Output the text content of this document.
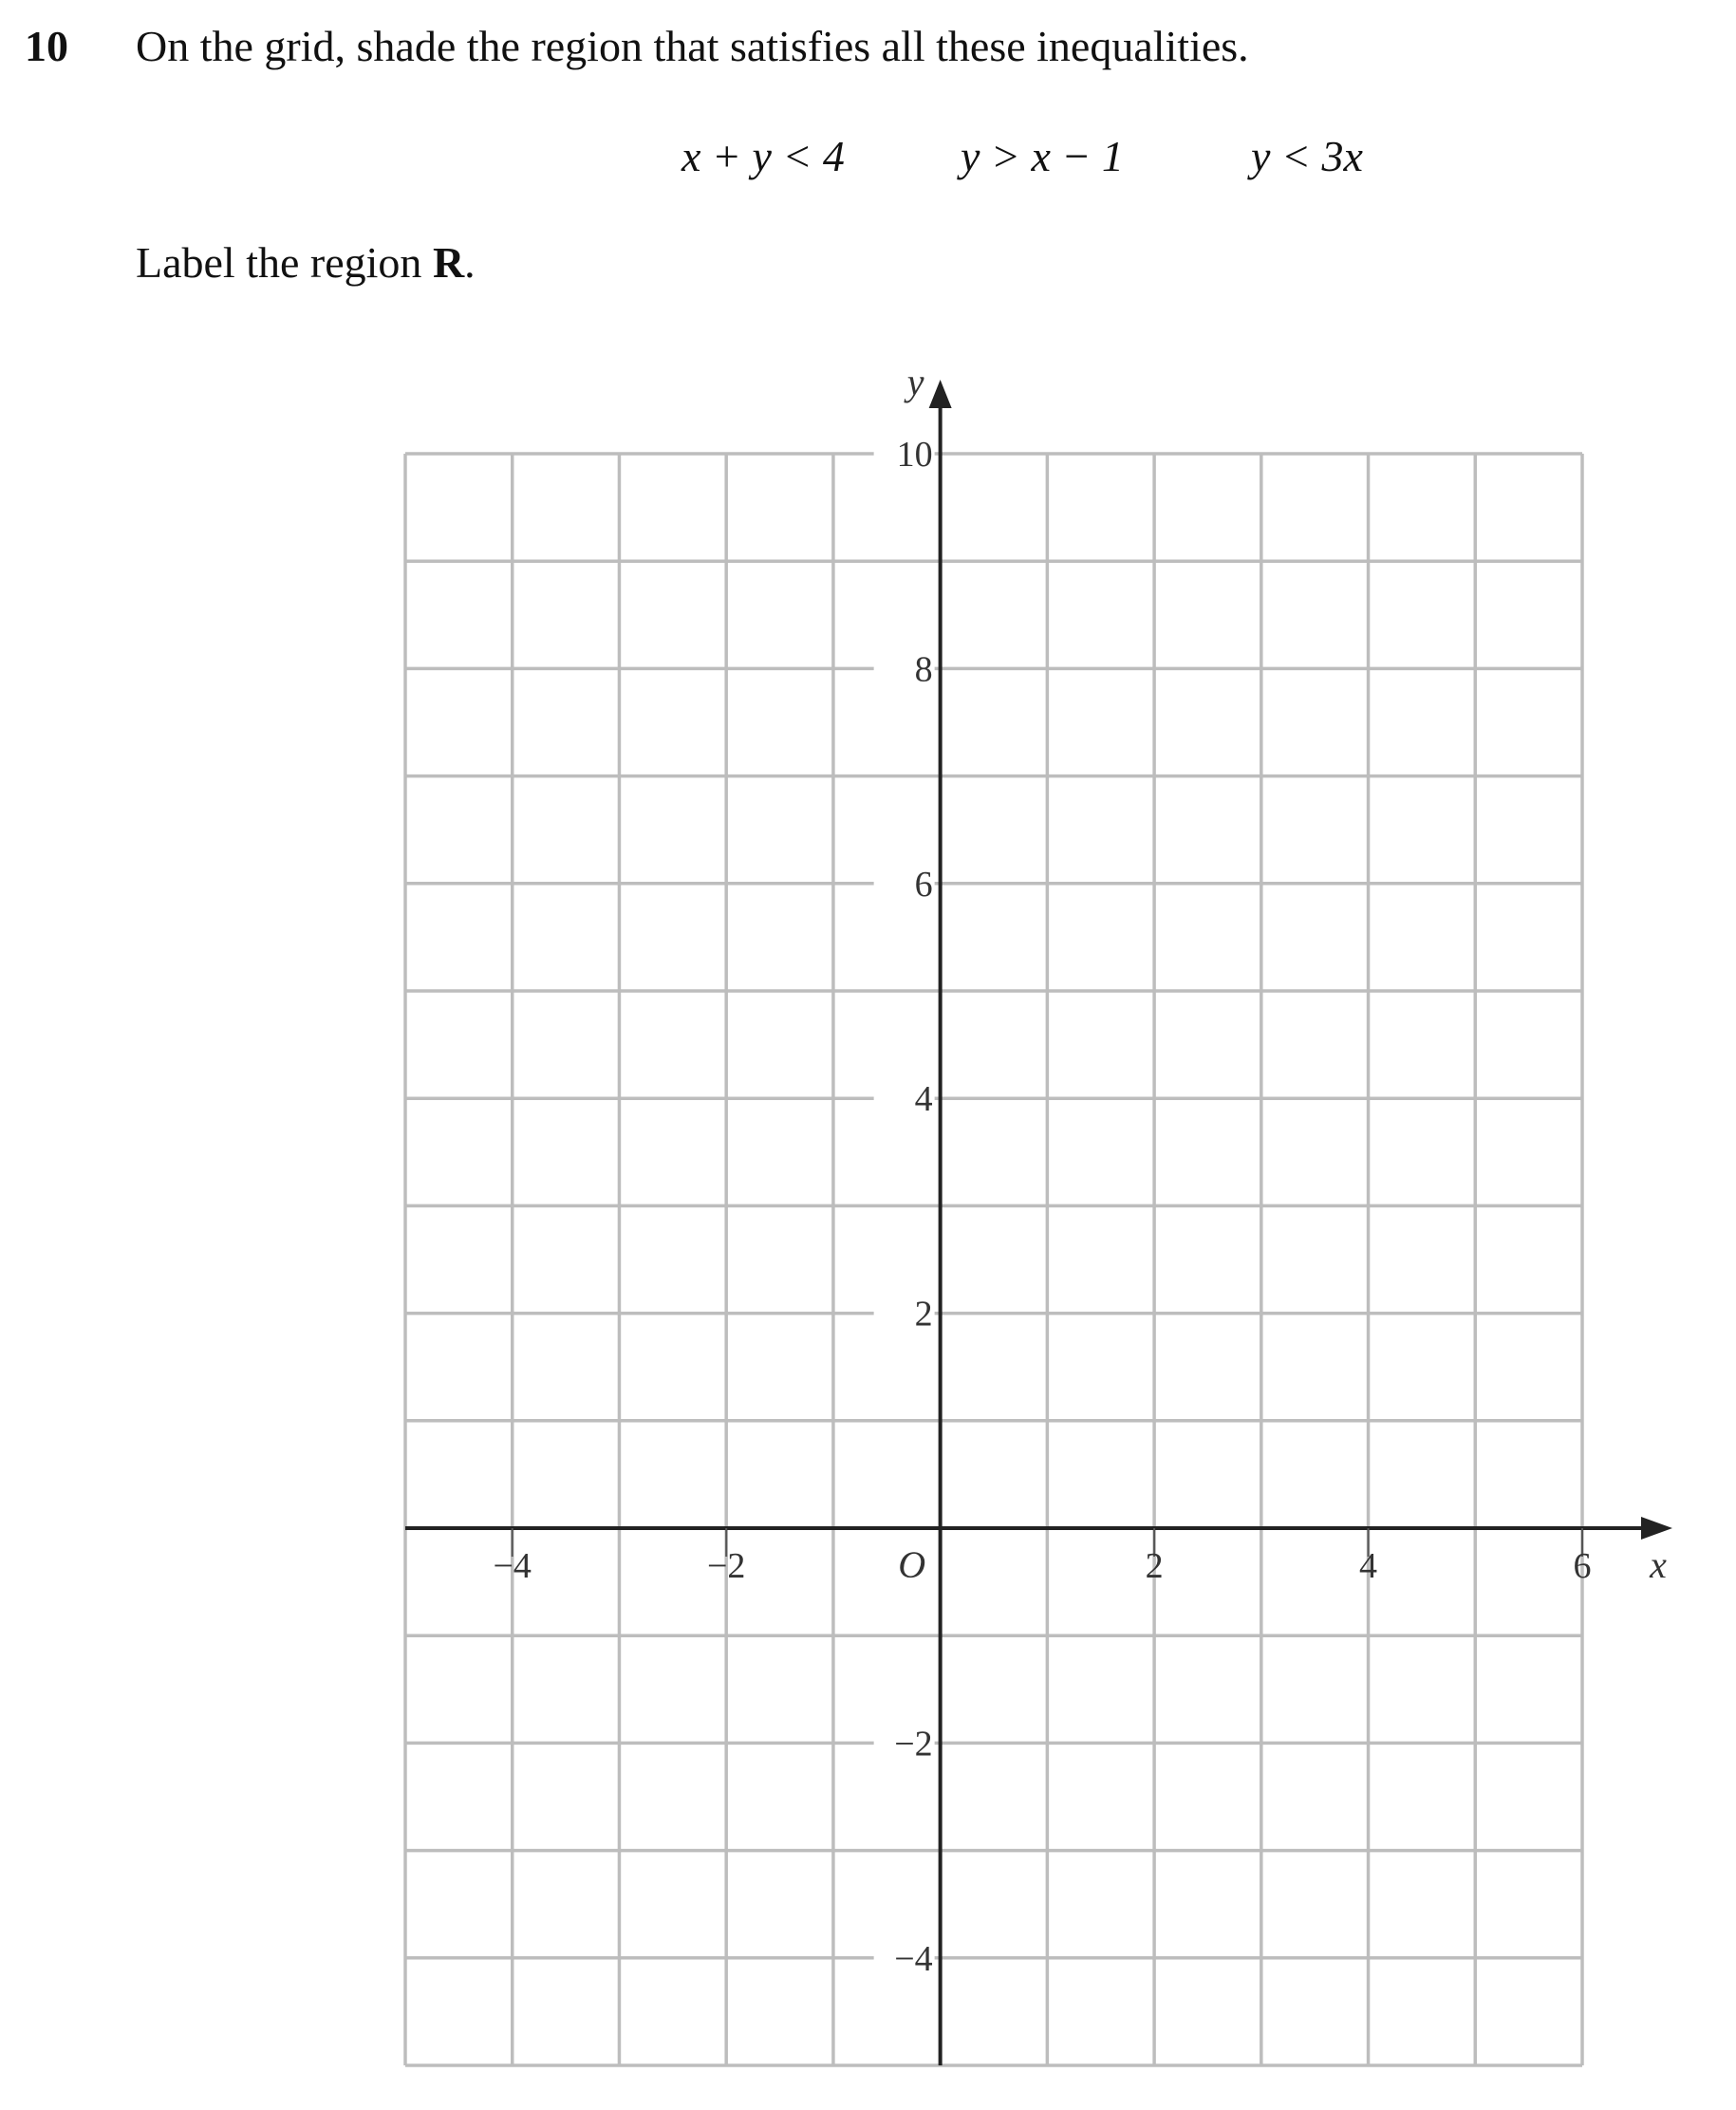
10 On the grid, shade the region that satisfies all these inequalities.
x + y < 4	y > x − 1	y < 3x
Label the region R.
−4	−2	2	4	6
10
8
6
4
2
−2
−4
O	x
y
